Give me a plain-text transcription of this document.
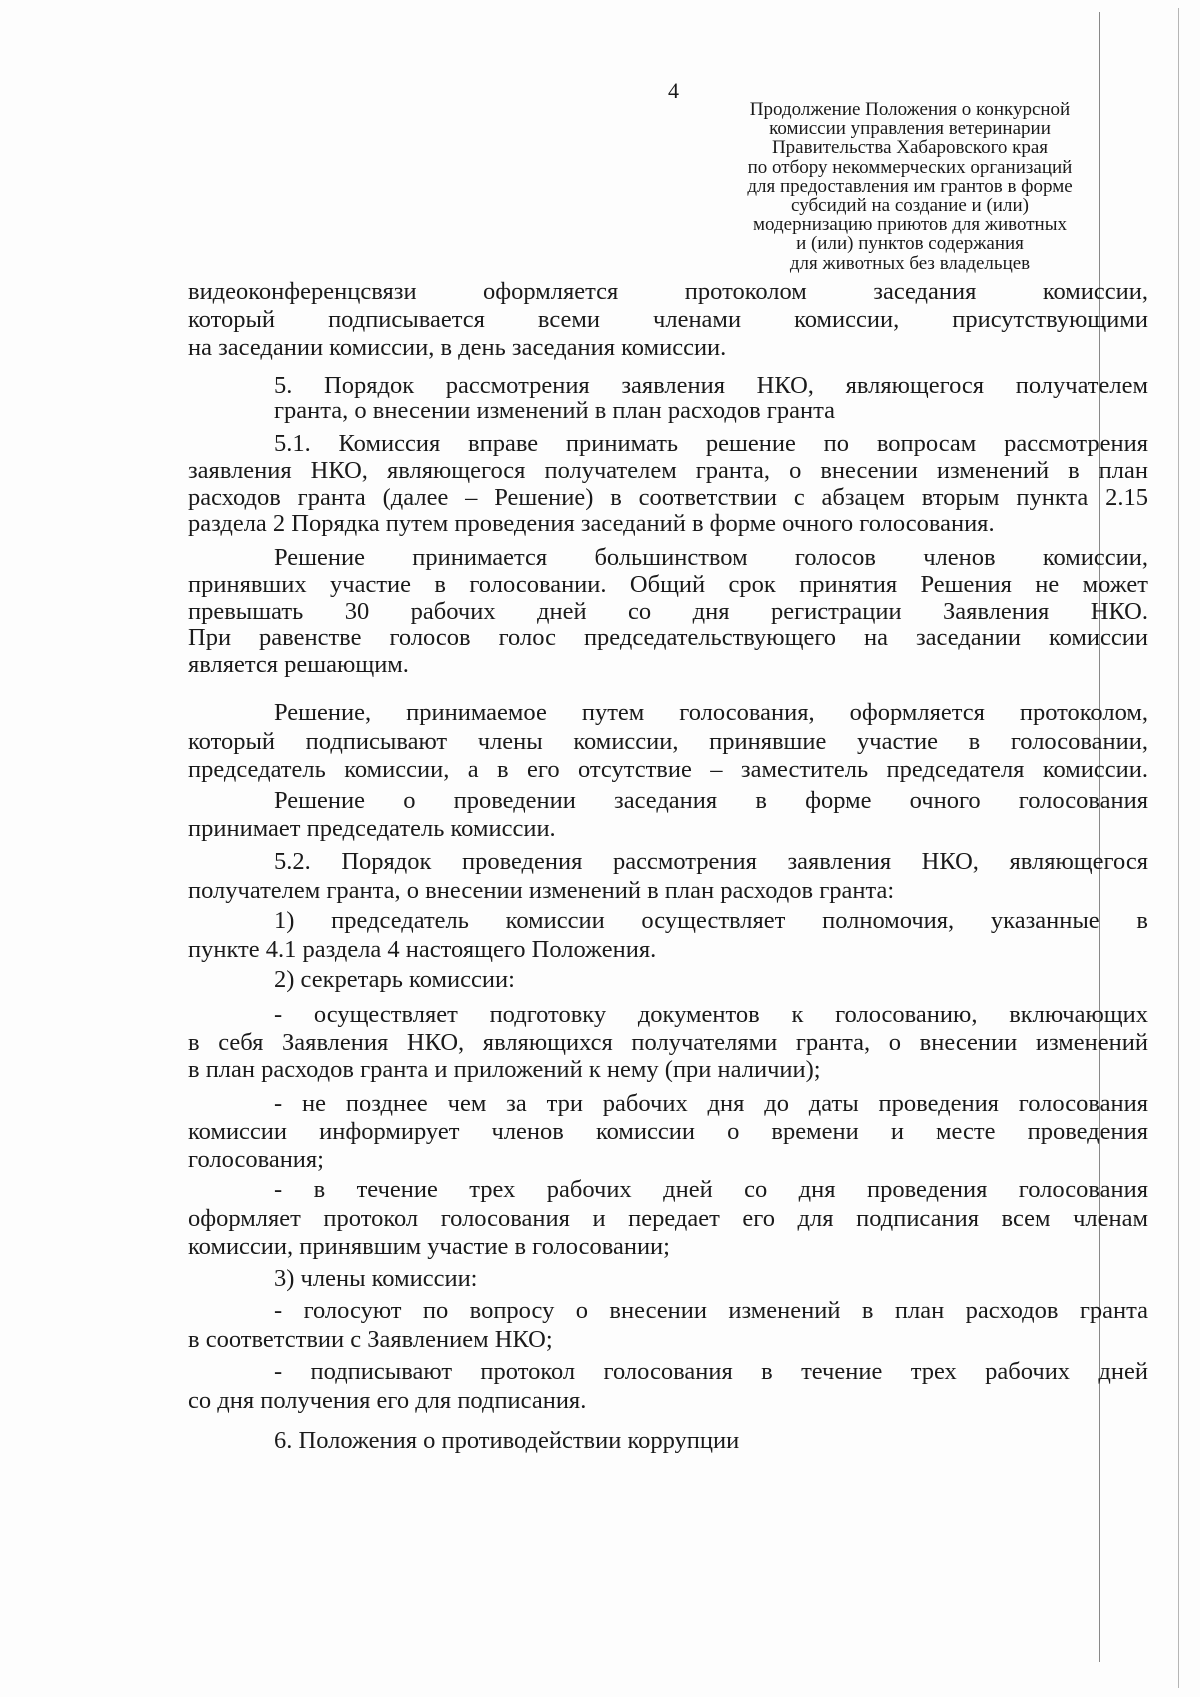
4
Продолжение Положения о конкурсной
комиссии управления ветеринарии
Правительства Хабаровского края
по отбору некоммерческих организаций
для предоставления им грантов в форме
субсидий на создание и (или)
модернизацию приютов для животных
и (или) пунктов содержания
для животных без владельцев
видеоконференцсвязи оформляется протоколом заседания комиссии,
который подписывается всеми членами комиссии, присутствующими
на заседании комиссии, в день заседания комиссии.
5. Порядок рассмотрения заявления НКО, являющегося получателем
гранта, о внесении изменений в план расходов гранта
5.1. Комиссия вправе принимать решение по вопросам рассмотрения
заявления НКО, являющегося получателем гранта, о внесении изменений в план
расходов гранта (далее – Решение) в соответствии с абзацем вторым пункта 2.15
раздела 2 Порядка путем проведения заседаний в форме очного голосования.
Решение принимается большинством голосов членов комиссии,
принявших участие в голосовании. Общий срок принятия Решения не может
превышать 30 рабочих дней со дня регистрации Заявления НКО.
При равенстве голосов голос председательствующего на заседании комиссии
является решающим.
Решение, принимаемое путем голосования, оформляется протоколом,
который подписывают члены комиссии, принявшие участие в голосовании,
председатель комиссии, а в его отсутствие – заместитель председателя комиссии.
Решение о проведении заседания в форме очного голосования
принимает председатель комиссии.
5.2. Порядок проведения рассмотрения заявления НКО, являющегося
получателем гранта, о внесении изменений в план расходов гранта:
1) председатель комиссии осуществляет полномочия, указанные в
пункте 4.1 раздела 4 настоящего Положения.
2) секретарь комиссии:
- осуществляет подготовку документов к голосованию, включающих
в себя Заявления НКО, являющихся получателями гранта, о внесении изменений
в план расходов гранта и приложений к нему (при наличии);
- не позднее чем за три рабочих дня до даты проведения голосования
комиссии информирует членов комиссии о времени и месте проведения
голосования;
- в течение трех рабочих дней со дня проведения голосования
оформляет протокол голосования и передает его для подписания всем членам
комиссии, принявшим участие в голосовании;
3) члены комиссии:
- голосуют по вопросу о внесении изменений в план расходов гранта
в соответствии с Заявлением НКО;
- подписывают протокол голосования в течение трех рабочих дней
со дня получения его для подписания.
6. Положения о противодействии коррупции
